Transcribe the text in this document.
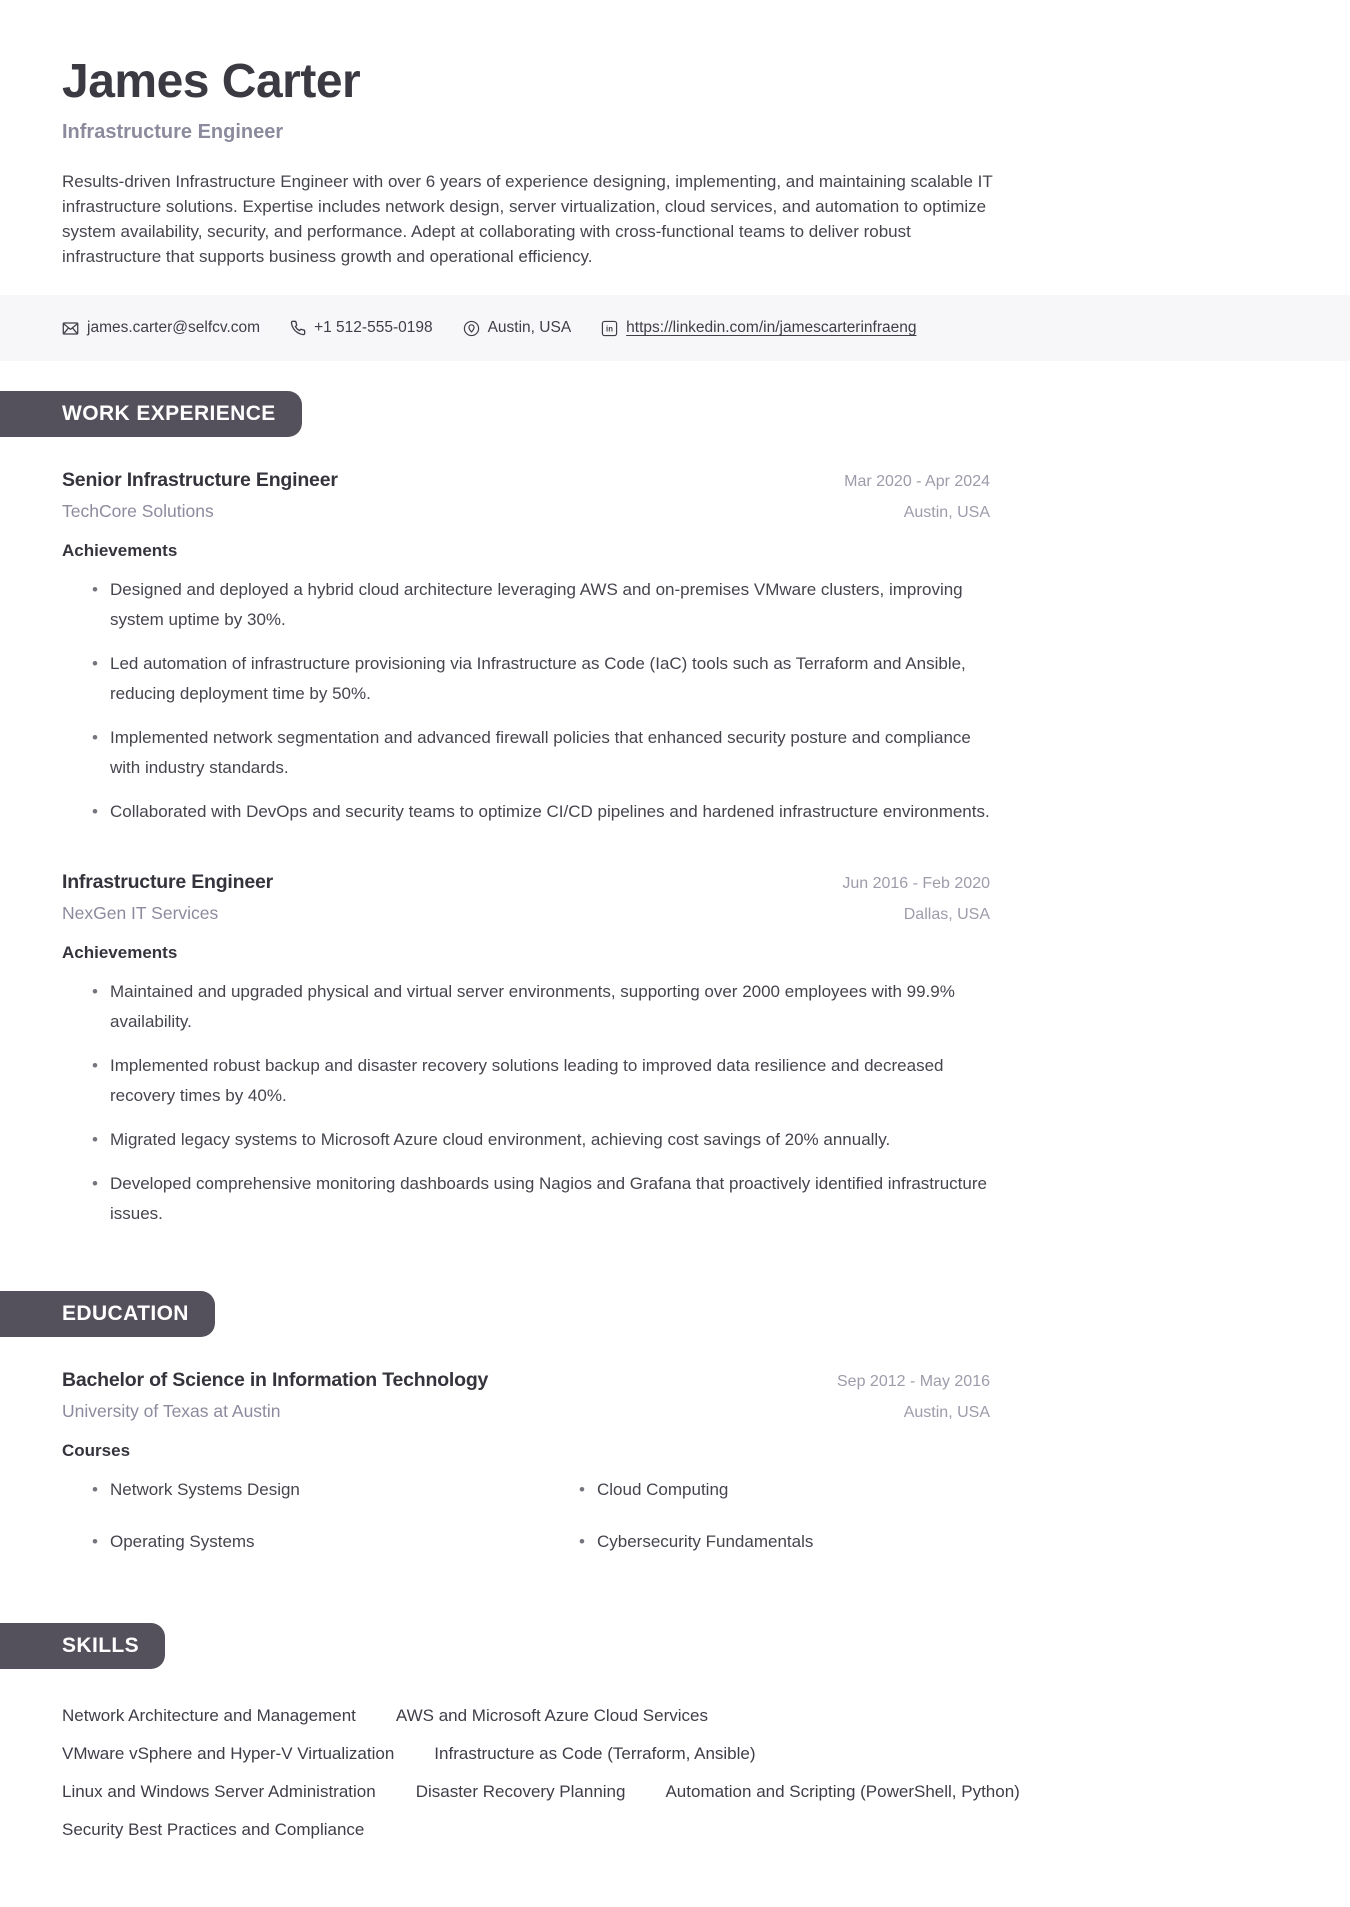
James Carter
Infrastructure Engineer
Results-driven Infrastructure Engineer with over 6 years of experience designing, implementing, and maintaining scalable IT infrastructure solutions. Expertise includes network design, server virtualization, cloud services, and automation to optimize system availability, security, and performance. Adept at collaborating with cross-functional teams to deliver robust infrastructure that supports business growth and operational efficiency.
james.carter@selfcv.com	+1 512-555-0198	Austin, USA	in https://linkedin.com/in/jamescarterinfraeng
WORK EXPERIENCE
Senior Infrastructure Engineer	Mar 2020 - Apr 2024
TechCore Solutions	Austin, USA
Achievements
• Designed and deployed a hybrid cloud architecture leveraging AWS and on-premises VMware clusters, improving system uptime by 30%.
• Led automation of infrastructure provisioning via Infrastructure as Code (IaC) tools such as Terraform and Ansible, reducing deployment time by 50%.
• Implemented network segmentation and advanced firewall policies that enhanced security posture and compliance with industry standards.
• Collaborated with DevOps and security teams to optimize CI/CD pipelines and hardened infrastructure environments.
Infrastructure Engineer	Jun 2016 - Feb 2020
NexGen IT Services	Dallas, USA
Achievements
• Maintained and upgraded physical and virtual server environments, supporting over 2000 employees with 99.9% availability.
• Implemented robust backup and disaster recovery solutions leading to improved data resilience and decreased recovery times by 40%.
• Migrated legacy systems to Microsoft Azure cloud environment, achieving cost savings of 20% annually.
• Developed comprehensive monitoring dashboards using Nagios and Grafana that proactively identified infrastructure issues.
EDUCATION
Bachelor of Science in Information Technology	Sep 2012 - May 2016
University of Texas at Austin	Austin, USA
Courses
• Network Systems Design
• Operating Systems
• Cloud Computing
• Cybersecurity Fundamentals
SKILLS
Network Architecture and Management AWS and Microsoft Azure Cloud Services
VMware vSphere and Hyper-V Virtualization Infrastructure as Code (Terraform, Ansible)
Linux and Windows Server Administration Disaster Recovery Planning Automation and Scripting (PowerShell, Python)
Security Best Practices and Compliance
